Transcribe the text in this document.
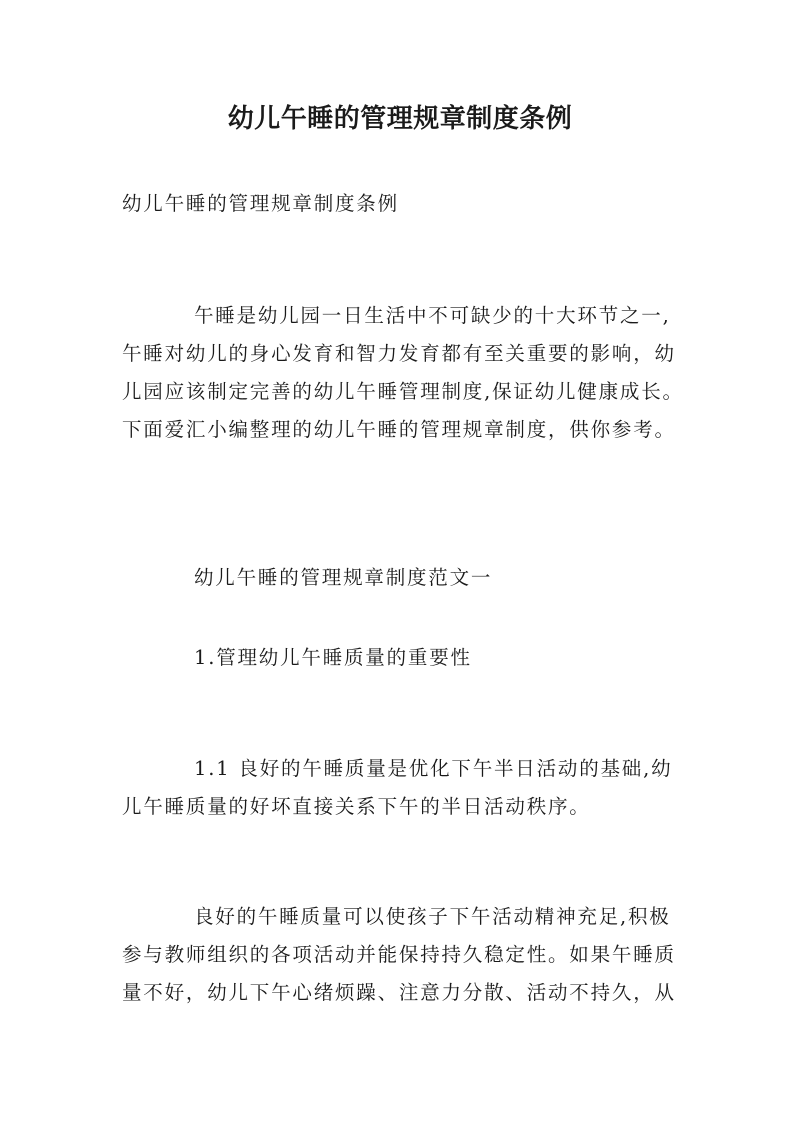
幼儿午睡的管理规章制度条例
幼儿午睡的管理规章制度条例
午睡是幼儿园一日生活中不可缺少的十大环节之一,
午睡对幼儿的身心发育和智力发育都有至关重要的影响，幼
儿园应该制定完善的幼儿午睡管理制度,保证幼儿健康成长。
下面爱汇小编整理的幼儿午睡的管理规章制度，供你参考。
幼儿午睡的管理规章制度范文一
1.管理幼儿午睡质量的重要性
1.1 良好的午睡质量是优化下午半日活动的基础,幼
儿午睡质量的好坏直接关系下午的半日活动秩序。
良好的午睡质量可以使孩子下午活动精神充足,积极
参与教师组织的各项活动并能保持持久稳定性。如果午睡质
量不好，幼儿下午心绪烦躁、注意力分散、活动不持久，从
